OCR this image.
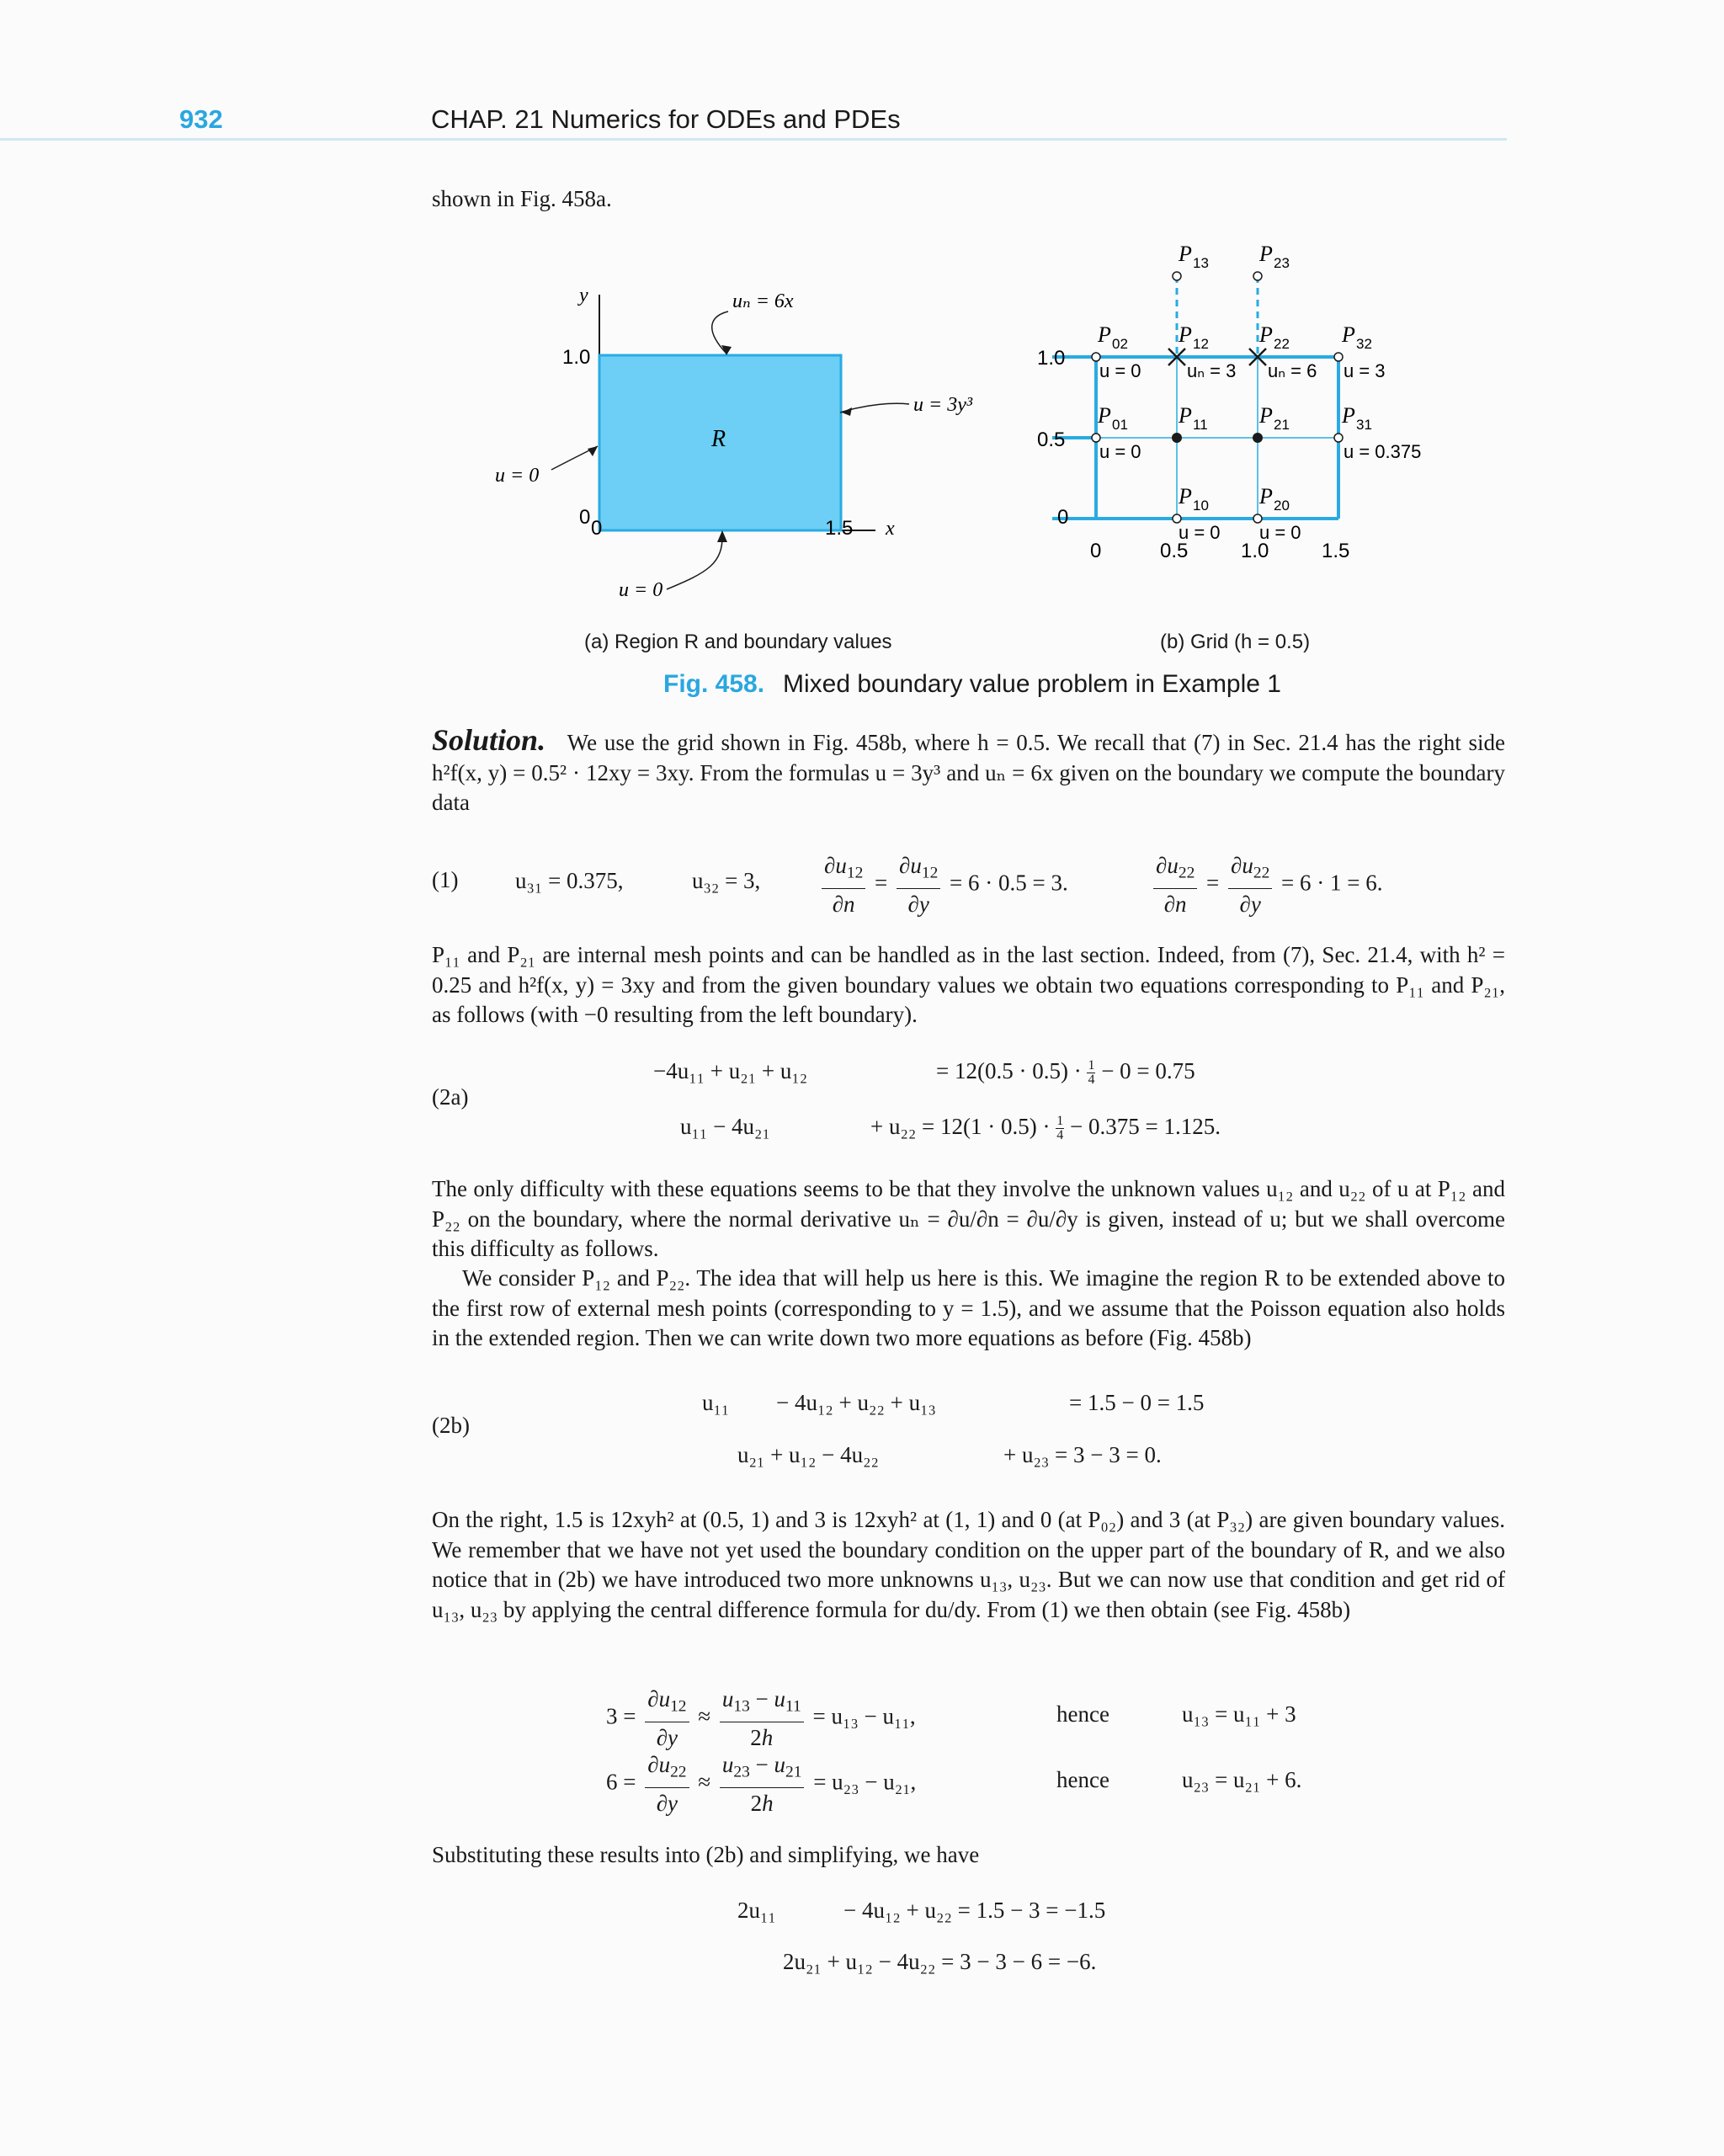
932	CHAP. 21 Numerics for ODEs and PDEs
shown in Fig. 458a.
y
1.0
0 0	1.5 x
R
uₙ = 6x
u = 3y³
u = 0
u = 0
1.0
0.5
0
0	0.5	1.0	1.5
P 13 P 23
P 02 P 12 P 22 P 32
P 01 P 11 P 21 P 31
P 10 P 20
u = 0 uₙ = 3 uₙ = 6 u = 3
u = 0	u = 0.375
u = 0 u = 0
(a) Region R and boundary values	(b) Grid (h = 0.5)
Fig. 458. Mixed boundary value problem in Example 1
Solution. We use the grid shown in Fig. 458b, where h = 0.5. We recall that (7) in Sec. 21.4 has the right side h²f(x, y) = 0.5² · 12xy = 3xy. From the formulas u = 3y³ and uₙ = 6x given on the boundary we compute the boundary data
(1)	u₃₁ = 0.375,	u₃₂ = 3,	$\frac{\partial u_{12}}{\partial n} = \frac{\partial u_{12}}{\partial y} = 6 \cdot 0.5 = 3$.	$\frac{\partial u_{22}}{\partial n} = \frac{\partial u_{22}}{\partial y} = 6 \cdot 1 = 6$.
P₁₁ and P₂₁ are internal mesh points and can be handled as in the last section. Indeed, from (7), Sec. 21.4, with h² = 0.25 and h²f(x, y) = 3xy and from the given boundary values we obtain two equations corresponding to P₁₁ and P₂₁, as follows (with −0 resulting from the left boundary).
(2a)
−4u₁₁ + u₂₁ + u₁₂	= $12(0.5 \cdot 0.5) \cdot \frac{1}{4} - 0 = 0.75$
u₁₁ − 4u₂₁	+ $u_{22} = 12(1 \cdot 0.5) \cdot \frac{1}{4} - 0.375 = 1.125$.
The only difficulty with these equations seems to be that they involve the unknown values u₁₂ and u₂₂ of u at P₁₂ and P₂₂ on the boundary, where the normal derivative uₙ = ∂u/∂n = ∂u/∂y is given, instead of u; but we shall overcome this difficulty as follows.
We consider P₁₂ and P₂₂. The idea that will help us here is this. We imagine the region R to be extended above to the first row of external mesh points (corresponding to y = 1.5), and we assume that the Poisson equation also holds in the extended region. Then we can write down two more equations as before (Fig. 458b)
(2b)
u₁₁ − 4u₁₂ + u₂₂ + u₁₃	= 1.5 − 0 = 1.5
u₂₁ + u₁₂ − 4u₂₂	+ u₂₃ = 3 − 3 = 0.
On the right, 1.5 is 12xyh² at (0.5, 1) and 3 is 12xyh² at (1, 1) and 0 (at P₀₂) and 3 (at P₃₂) are given boundary values. We remember that we have not yet used the boundary condition on the upper part of the boundary of R, and we also notice that in (2b) we have introduced two more unknowns u₁₃, u₂₃. But we can now use that condition and get rid of u₁₃, u₂₃ by applying the central difference formula for du/dy. From (1) we then obtain (see Fig. 458b)
$3 = \frac{\partial u_{12}}{\partial y} \approx \frac{u_{13} - u_{11}}{2h} = u_{13} - u_{11}$,	hence	u₁₃ = u₁₁ + 3
$6 = \frac{\partial u_{22}}{\partial y} \approx \frac{u_{23} - u_{21}}{2h} = u_{23} - u_{21}$,	hence	u₂₃ = u₂₁ + 6.
Substituting these results into (2b) and simplifying, we have
2u₁₁	− 4u₁₂ + u₂₂ = 1.5 − 3 = −1.5
2u₂₁ + u₁₂ − 4u₂₂ = 3 − 3 − 6 = −6.
